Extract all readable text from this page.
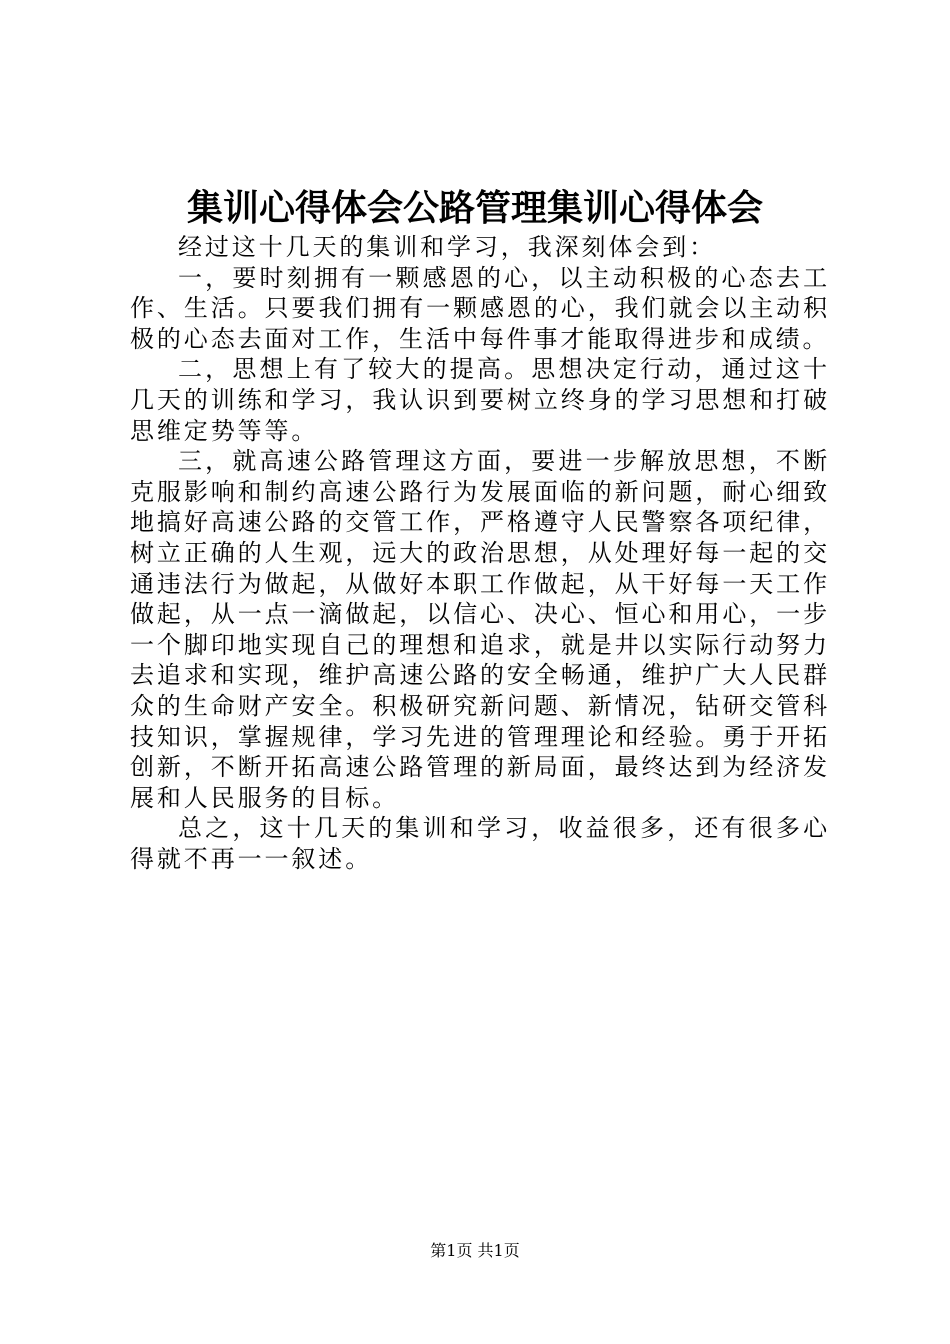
集训心得体会公路管理集训心得体会

经过这十几天的集训和学习，我深刻体会到：

一，要时刻拥有一颗感恩的心，以主动积极的心态去工作、生活。只要我们拥有一颗感恩的心，我们就会以主动积极的心态去面对工作，生活中每件事才能取得进步和成绩。

二，思想上有了较大的提高。思想决定行动，通过这十几天的训练和学习，我认识到要树立终身的学习思想和打破思维定势等等。

三，就高速公路管理这方面，要进一步解放思想，不断克服影响和制约高速公路行为发展面临的新问题，耐心细致地搞好高速公路的交管工作，严格遵守人民警察各项纪律，树立正确的人生观，远大的政治思想，从处理好每一起的交通违法行为做起，从做好本职工作做起，从干好每一天工作做起，从一点一滴做起，以信心、决心、恒心和用心，一步一个脚印地实现自己的理想和追求，就是井以实际行动努力去追求和实现，维护高速公路的安全畅通，维护广大人民群众的生命财产安全。积极研究新问题、新情况，钻研交管科技知识，掌握规律，学习先进的管理理论和经验。勇于开拓创新，不断开拓高速公路管理的新局面，最终达到为经济发展和人民服务的目标。

总之，这十几天的集训和学习，收益很多，还有很多心得就不再一一叙述。

第1页 共1页
